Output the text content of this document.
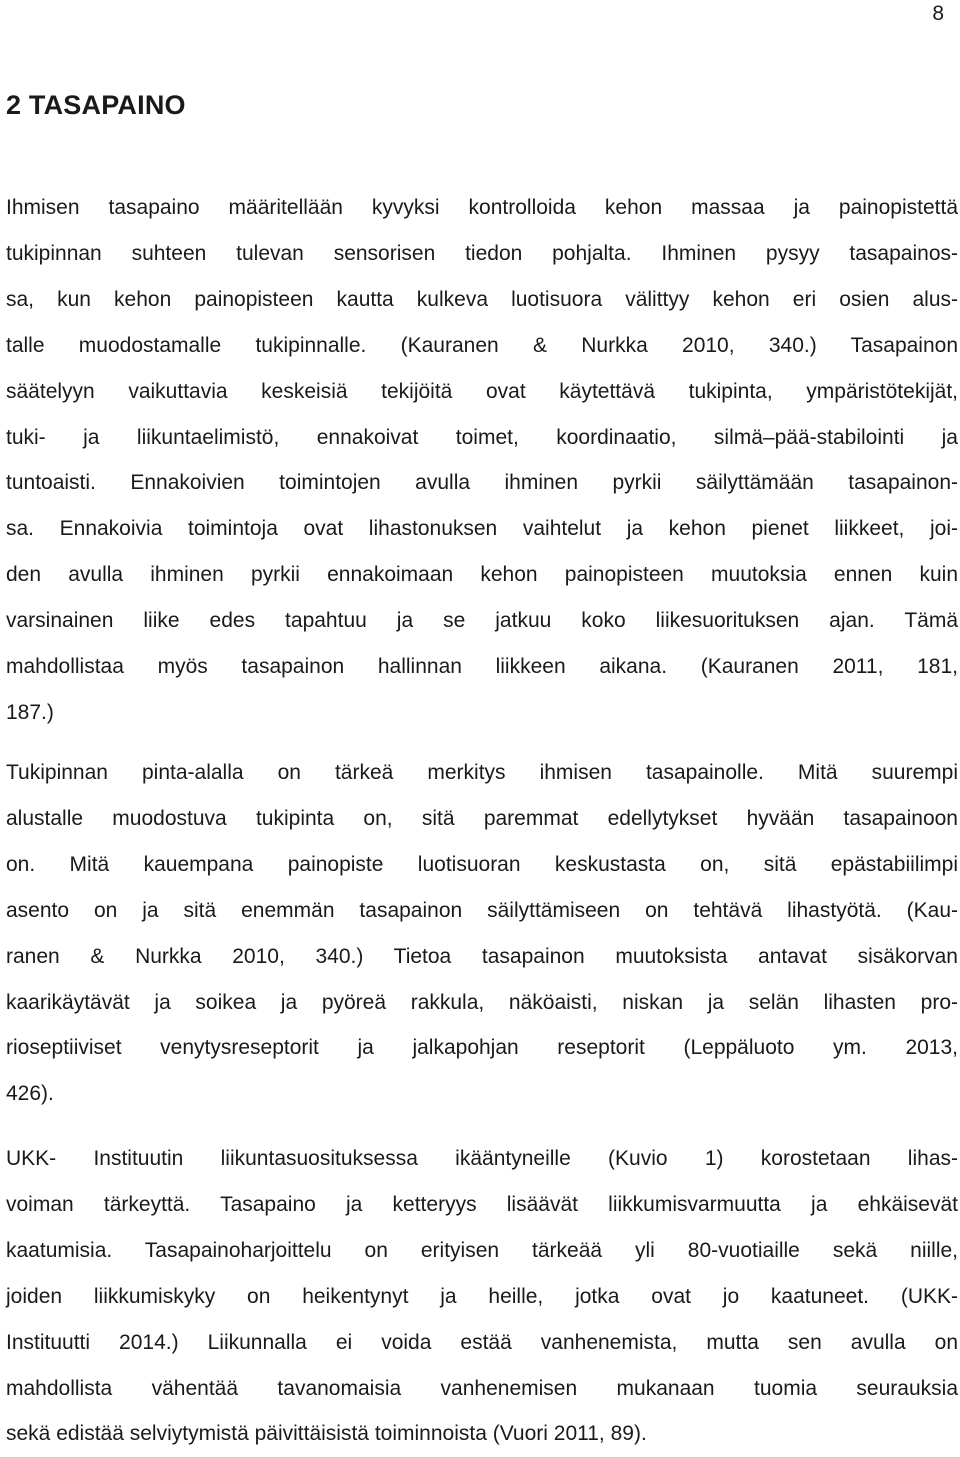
8
2 TASAPAINO

Ihmisen tasapaino määritellään kyvyksi kontrolloida kehon massaa ja painopistettä
tukipinnan suhteen tulevan sensorisen tiedon pohjalta. Ihminen pysyy tasapainos-
sa, kun kehon painopisteen kautta kulkeva luotisuora välittyy kehon eri osien alus-
talle muodostamalle tukipinnalle. (Kauranen & Nurkka 2010, 340.) Tasapainon
säätelyyn vaikuttavia keskeisiä tekijöitä ovat käytettävä tukipinta, ympäristötekijät,
tuki- ja liikuntaelimistö, ennakoivat toimet, koordinaatio, silmä–pää-stabilointi ja
tuntoaisti. Ennakoivien toimintojen avulla ihminen pyrkii säilyttämään tasapainon-
sa. Ennakoivia toimintoja ovat lihastonuksen vaihtelut ja kehon pienet liikkeet, joi-
den avulla ihminen pyrkii ennakoimaan kehon painopisteen muutoksia ennen kuin
varsinainen liike edes tapahtuu ja se jatkuu koko liikesuorituksen ajan. Tämä
mahdollistaa myös tasapainon hallinnan liikkeen aikana. (Kauranen 2011, 181,
187.)

Tukipinnan pinta-alalla on tärkeä merkitys ihmisen tasapainolle. Mitä suurempi
alustalle muodostuva tukipinta on, sitä paremmat edellytykset hyvään tasapainoon
on. Mitä kauempana painopiste luotisuoran keskustasta on, sitä epästabiilimpi
asento on ja sitä enemmän tasapainon säilyttämiseen on tehtävä lihastyötä. (Kau-
ranen & Nurkka 2010, 340.) Tietoa tasapainon muutoksista antavat sisäkorvan
kaarikäytävät ja soikea ja pyöreä rakkula, näköaisti, niskan ja selän lihasten pro-
rioseptiiviset venytysreseptorit ja jalkapohjan reseptorit (Leppäluoto ym. 2013,
426).

UKK- Instituutin liikuntasuosituksessa ikääntyneille (Kuvio 1) korostetaan lihas-
voiman tärkeyttä. Tasapaino ja ketteryys lisäävät liikkumisvarmuutta ja ehkäisevät
kaatumisia. Tasapainoharjoittelu on erityisen tärkeää yli 80-vuotiaille sekä niille,
joiden liikkumiskyky on heikentynyt ja heille, jotka ovat jo kaatuneet. (UKK-
Instituutti 2014.) Liikunnalla ei voida estää vanhenemista, mutta sen avulla on
mahdollista vähentää tavanomaisia vanhenemisen mukanaan tuomia seurauksia
sekä edistää selviytymistä päivittäisistä toiminnoista (Vuori 2011, 89).
